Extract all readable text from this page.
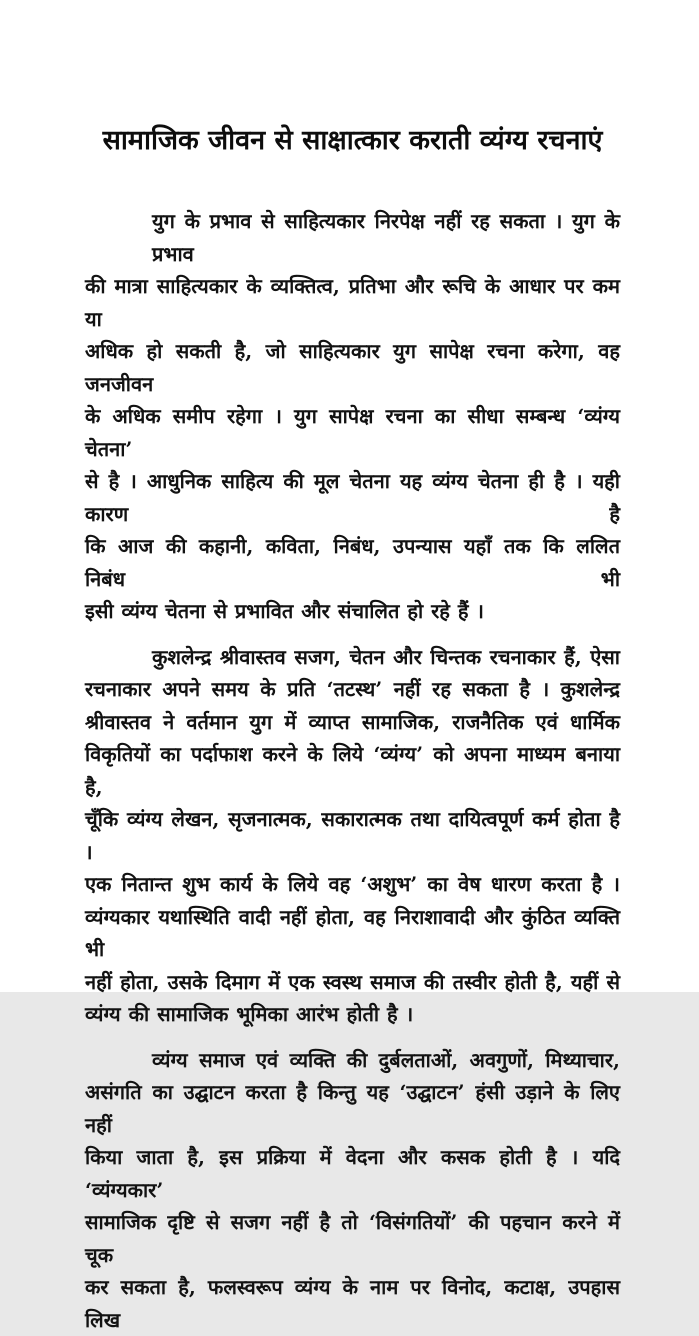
सामाजिक जीवन से साक्षात्कार कराती व्यंग्य रचनाएं

युग के प्रभाव से साहित्यकार निरपेक्ष नहीं रह सकता । युग के प्रभाव
की मात्रा साहित्यकार के व्यक्तित्व, प्रतिभा और रूचि के आधार पर कम या
अधिक हो सकती है, जो साहित्यकार युग सापेक्ष रचना करेगा, वह जनजीवन
के अधिक समीप रहेगा । युग सापेक्ष रचना का सीधा सम्बन्ध ‘व्यंग्य चेतना’
से है । आधुनिक साहित्य की मूल चेतना यह व्यंग्य चेतना ही है । यही कारण है
कि आज की कहानी, कविता, निबंध, उपन्यास यहाँ तक कि ललित निबंध भी
इसी व्यंग्य चेतना से प्रभावित और संचालित हो रहे हैं ।

कुशलेन्द्र श्रीवास्तव सजग, चेतन और चिन्तक रचनाकार हैं, ऐसा
रचनाकार अपने समय के प्रति ‘तटस्थ’ नहीं रह सकता है । कुशलेन्द्र
श्रीवास्तव ने वर्तमान युग में व्याप्त सामाजिक, राजनैतिक एवं धार्मिक
विकृतियों का पर्दाफाश करने के लिये ‘व्यंग्य’ को अपना माध्यम बनाया है,
चूँकि व्यंग्य लेखन, सृजनात्मक, सकारात्मक तथा दायित्वपूर्ण कर्म होता है ।
एक नितान्त शुभ कार्य के लिये वह ‘अशुभ’ का वेष धारण करता है ।
व्यंग्यकार यथास्थिति वादी नहीं होता, वह निराशावादी और कुंठित व्यक्ति भी
नहीं होता, उसके दिमाग में एक स्वस्थ समाज की तस्वीर होती है, यहीं से
व्यंग्य की सामाजिक भूमिका आरंभ होती है ।

व्यंग्य समाज एवं व्यक्ति की दुर्बलताओं, अवगुणों, मिथ्याचार,
असंगति का उद्घाटन करता है किन्तु यह ‘उद्घाटन’ हंसी उड़ाने के लिए नहीं
किया जाता है, इस प्रक्रिया में वेदना और कसक होती है । यदि ‘व्यंग्यकार’
सामाजिक दृष्टि से सजग नहीं है तो ‘विसंगतियों’ की पहचान करने में चूक
कर सकता है, फलस्वरूप व्यंग्य के नाम पर विनोद, कटाक्ष, उपहास लिख
